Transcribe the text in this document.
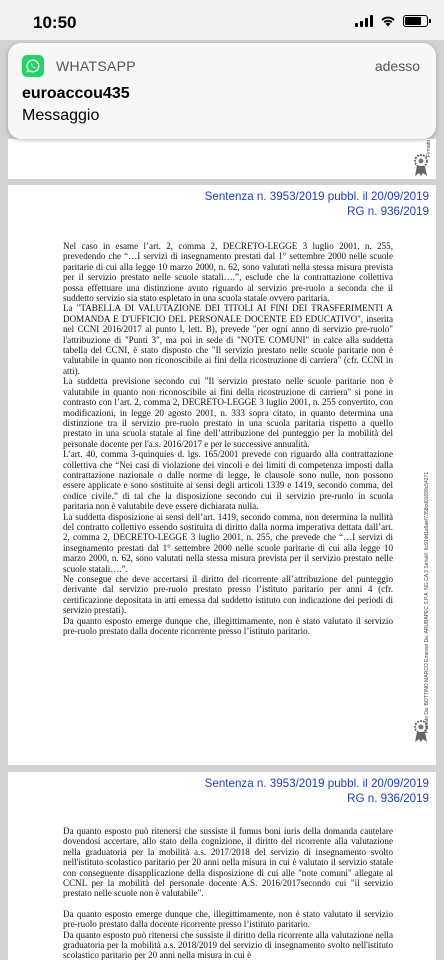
10:50
Firmato
WHATSAPP	adesso
euroaccou435
Messaggio
Sentenza n. 3953/2019 pubbl. il 20/09/2019
RG n. 936/2019

Nel caso in esame l’art. 2, comma 2, DECRETO-LEGGE 3 luglio 2001, n. 255, prevedendo che “…I servizi di insegnamento prestati dal 1° settembre 2000 nelle scuole paritarie di cui alla legge 10 marzo 2000, n. 62, sono valutati nella stessa misura prevista per il servizio prestato nelle scuole statali….”, esclude che la contrattazione collettiva possa effettuare una distinzione avuto riguardo al servizio pre-ruolo a seconda che il suddetto servizio sia stato espletato in una scuola statale ovvero paritaria.

La "TABELLA DI VALUTAZIONE DEI TITOLI AI FINI DEI TRASFERIMENTI A DOMANDA E D'UFFICIO DEL PERSONALE DOCENTE ED EDUCATIVO", inserita nel CCNI 2016/2017 al punto I, lett. B), prevede "per ogni anno di servizio pre-ruolo" l'attribuzione di "Punti 3", ma poi in sede di "NOTE COMUNI" in calce alla suddetta tabella del CCNI, è stato disposto che "Il servizio prestato nelle scuole paritarie non è valutabile in quanto non riconoscibile ai fini della ricostruzione di carriera" (cfr. CCNI in atti).

La suddetta previsione secondo cui "Il servizio prestato nelle scuole paritarie non è valutabile in quanto non riconoscibile ai fini della ricostruzione di carriera" si pone in contrasto con l’art. 2, comma 2, DECRETO-LEGGE 3 luglio 2001, n. 255 convertito, con modificazioni, in legge 20 agosto 2001, n. 333 sopra citato, in quanto determina una distinzione tra il servizio pre-ruolo prestato in una scuola paritaria rispetto a quello prestato in una scuola statale al fine dell’attribuzione del punteggio per la mobilità del personale docente per l'a.s. 2016/2017 e per le successive annualità.

L’art. 40, comma 3-quinquies d. lgs. 165/2001 prevede con riguardo alla contrattazione collettiva che “Nei casi di violazione dei vincoli e dei limiti di competenza imposti dalla contrattazione nazionale o dalle norme di legge, le clausole sono nulle, non possono essere applicate e sono sostituite ai sensi degli articoli 1339 e 1419, secondo comma, del codice civile.” di tal che la disposizione secondo cui il servizio pre-ruolo in scuola paritaria non è valutabile deve essere dichiarata nulla.

La suddetta disposizione ai sensi dell’art. 1419, secondo comma, non determina la nullità del contratto collettivo essendo sostituita di diritto dalla norma imperativa dettata dall’art. 2, comma 2, DECRETO-LEGGE 3 luglio 2001, n. 255, che prevede che “…I servizi di insegnamento prestati dal 1° settembre 2000 nelle scuole paritarie di cui alla legge 10 marzo 2000, n. 62, sono valutati nella stessa misura prevista per il servizio prestato nelle scuole statali….”.

Ne consegue che deve accertarsi il diritto del ricorrente all’attribuzione del punteggio derivante dal servizio pre-ruolo prestato presso l’istituto paritario per anni 4 (cfr. certificazione depositata in atti emessa dal suddetto istituto con indicazione dei periodi di servizio prestati).

Da quanto esposto emerge dunque che, illegittimamente, non è stato valutato il servizio pre-ruolo prestato dalla docente ricorrente presso l’istituto paritario.	Firmato Da: BOTTINO MARCO Emesso Da: ARUBAPEC S.P.A. NG CA 3 Serial#: 6c91dd1a9aef7358cd01699c54271
Sentenza n. 3953/2019 pubbl. il 20/09/2019
RG n. 936/2019

Da quanto esposto può ritenersi che sussiste il fumus boni iuris della domanda cautelare dovendosi accertare, allo stato della cognizione, il diritto del ricorrente alla valutazione nella graduatoria per la mobilità a.s. 2017/2018 del servizio di insegnamento svolto nell'istituto scolastico paritario per 20 anni nella misura in cui è valutato il servizio statale con conseguente disapplicazione della disposizione di cui alle "note comuni" allegate al CCNL per la mobilità del personale docente A.S. 2016/2017secondo cui "il servizio prestato nelle scuole non è valutabile".

Da quanto esposto emerge dunque che, illegittimamente, non è stato valutato il servizio pre-ruolo prestato dalla docente ricorrente presso l’istituto paritario.

Da quanto esposto può ritenersi che sussiste il diritto della ricorrente alla valutazione nella graduatoria per la mobilità a.s. 2018/2019 del servizio di insegnamento svolto nell'istituto scolastico paritario per 20 anni nella misura in cui è
